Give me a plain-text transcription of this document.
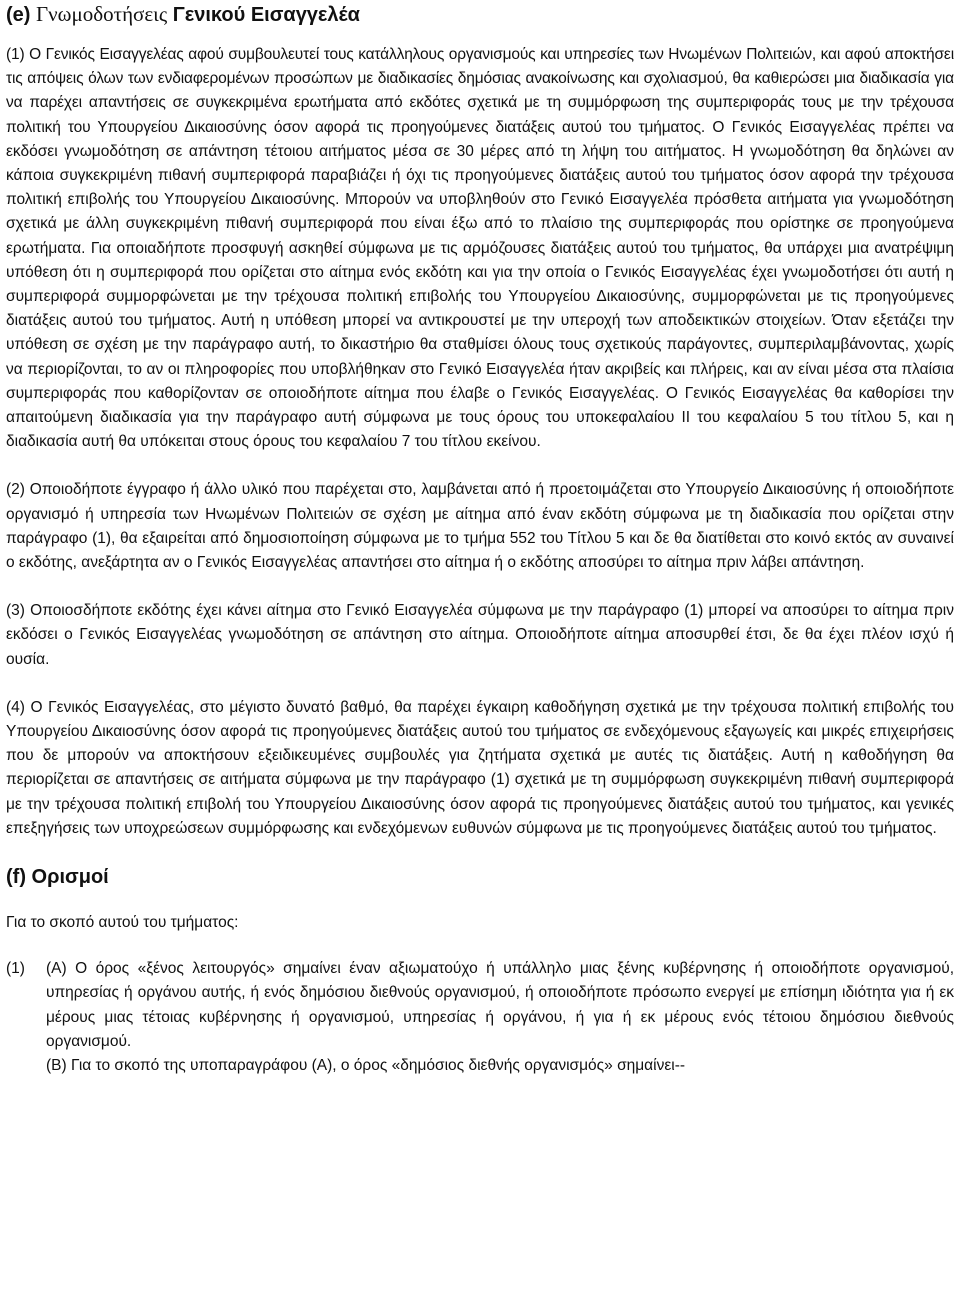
(e) Γνωμοδοτήσεις Γενικού Εισαγγελέα

(1) Ο Γενικός Εισαγγελέας αφού συμβουλευτεί τους κατάλληλους οργανισμούς και υπηρεσίες των Ηνωμένων Πολιτειών, και αφού αποκτήσει τις απόψεις όλων των ενδιαφερομένων προσώπων με διαδικασίες δημόσιας ανακοίνωσης και σχολιασμού, θα καθιερώσει μια διαδικασία για να παρέχει απαντήσεις σε συγκεκριμένα ερωτήματα από εκδότες σχετικά με τη συμμόρφωση της συμπεριφοράς τους με την τρέχουσα πολιτική του Υπουργείου Δικαιοσύνης όσον αφορά τις προηγούμενες διατάξεις αυτού του τμήματος. Ο Γενικός Εισαγγελέας πρέπει να εκδόσει γνωμοδότηση σε απάντηση τέτοιου αιτήματος μέσα σε 30 μέρες από τη λήψη του αιτήματος. Η γνωμοδότηση θα δηλώνει αν κάποια συγκεκριμένη πιθανή συμπεριφορά παραβιάζει ή όχι τις προηγούμενες διατάξεις αυτού του τμήματος όσον αφορά την τρέχουσα πολιτική επιβολής του Υπουργείου Δικαιοσύνης. Μπορούν να υποβληθούν στο Γενικό Εισαγγελέα πρόσθετα αιτήματα για γνωμοδότηση σχετικά με άλλη συγκεκριμένη πιθανή συμπεριφορά που είναι έξω από το πλαίσιο της συμπεριφοράς που ορίστηκε σε προηγούμενα ερωτήματα. Για οποιαδήποτε προσφυγή ασκηθεί σύμφωνα με τις αρμόζουσες διατάξεις αυτού του τμήματος, θα υπάρχει μια ανατρέψιμη υπόθεση ότι η συμπεριφορά που ορίζεται στο αίτημα ενός εκδότη και για την οποία ο Γενικός Εισαγγελέας έχει γνωμοδοτήσει ότι αυτή η συμπεριφορά συμμορφώνεται με την τρέχουσα πολιτική επιβολής του Υπουργείου Δικαιοσύνης, συμμορφώνεται με τις προηγούμενες διατάξεις αυτού του τμήματος. Αυτή η υπόθεση μπορεί να αντικρουστεί με την υπεροχή των αποδεικτικών στοιχείων. Όταν εξετάζει την υπόθεση σε σχέση με την παράγραφο αυτή, το δικαστήριο θα σταθμίσει όλους τους σχετικούς παράγοντες, συμπεριλαμβάνοντας, χωρίς να περιορίζονται, το αν οι πληροφορίες που υποβλήθηκαν στο Γενικό Εισαγγελέα ήταν ακριβείς και πλήρεις, και αν είναι μέσα στα πλαίσια συμπεριφοράς που καθορίζονταν σε οποιοδήποτε αίτημα που έλαβε ο Γενικός Εισαγγελέας. Ο Γενικός Εισαγγελέας θα καθορίσει την απαιτούμενη διαδικασία για την παράγραφο αυτή σύμφωνα με τους όρους του υποκεφαλαίου II του κεφαλαίου 5 του τίτλου 5, και η διαδικασία αυτή θα υπόκειται στους όρους του κεφαλαίου 7 του τίτλου εκείνου.

(2) Οποιοδήποτε έγγραφο ή άλλο υλικό που παρέχεται στο, λαμβάνεται από ή προετοιμάζεται στο Υπουργείο Δικαιοσύνης ή οποιοδήποτε οργανισμό ή υπηρεσία των Ηνωμένων Πολιτειών σε σχέση με αίτημα από έναν εκδότη σύμφωνα με τη διαδικασία που ορίζεται στην παράγραφο (1), θα εξαιρείται από δημοσιοποίηση σύμφωνα με το τμήμα 552 του Τίτλου 5 και δε θα διατίθεται στο κοινό εκτός αν συναινεί ο εκδότης, ανεξάρτητα αν ο Γενικός Εισαγγελέας απαντήσει στο αίτημα ή ο εκδότης αποσύρει το αίτημα πριν λάβει απάντηση.

(3) Οποιοσδήποτε εκδότης έχει κάνει αίτημα στο Γενικό Εισαγγελέα σύμφωνα με την παράγραφο (1) μπορεί να αποσύρει το αίτημα πριν εκδόσει ο Γενικός Εισαγγελέας γνωμοδότηση σε απάντηση στο αίτημα. Οποιοδήποτε αίτημα αποσυρθεί έτσι, δε θα έχει πλέον ισχύ ή ουσία.

(4) Ο Γενικός Εισαγγελέας, στο μέγιστο δυνατό βαθμό, θα παρέχει έγκαιρη καθοδήγηση σχετικά με την τρέχουσα πολιτική επιβολής του Υπουργείου Δικαιοσύνης όσον αφορά τις προηγούμενες διατάξεις αυτού του τμήματος σε ενδεχόμενους εξαγωγείς και μικρές επιχειρήσεις που δε μπορούν να αποκτήσουν εξειδικευμένες συμβουλές για ζητήματα σχετικά με αυτές τις διατάξεις. Αυτή η καθοδήγηση θα περιορίζεται σε απαντήσεις σε αιτήματα σύμφωνα με την παράγραφο (1) σχετικά με τη συμμόρφωση συγκεκριμένη πιθανή συμπεριφορά με την τρέχουσα πολιτική επιβολή του Υπουργείου Δικαιοσύνης όσον αφορά τις προηγούμενες διατάξεις αυτού του τμήματος, και γενικές επεξηγήσεις των υποχρεώσεων συμμόρφωσης και ενδεχόμενων ευθυνών σύμφωνα με τις προηγούμενες διατάξεις αυτού του τμήματος.

(f) Ορισμοί

Για το σκοπό αυτού του τμήματος:

(1) (A) Ο όρος «ξένος λειτουργός» σημαίνει έναν αξιωματούχο ή υπάλληλο μιας ξένης κυβέρνησης ή οποιοδήποτε οργανισμού, υπηρεσίας ή οργάνου αυτής, ή ενός δημόσιου διεθνούς οργανισμού, ή οποιοδήποτε πρόσωπο ενεργεί με επίσημη ιδιότητα για ή εκ μέρους μιας τέτοιας κυβέρνησης ή οργανισμού, υπηρεσίας ή οργάνου, ή για ή εκ μέρους ενός τέτοιου δημόσιου διεθνούς οργανισμού.
(B) Για το σκοπό της υποπαραγράφου (A), ο όρος «δημόσιος διεθνής οργανισμός» σημαίνει--
